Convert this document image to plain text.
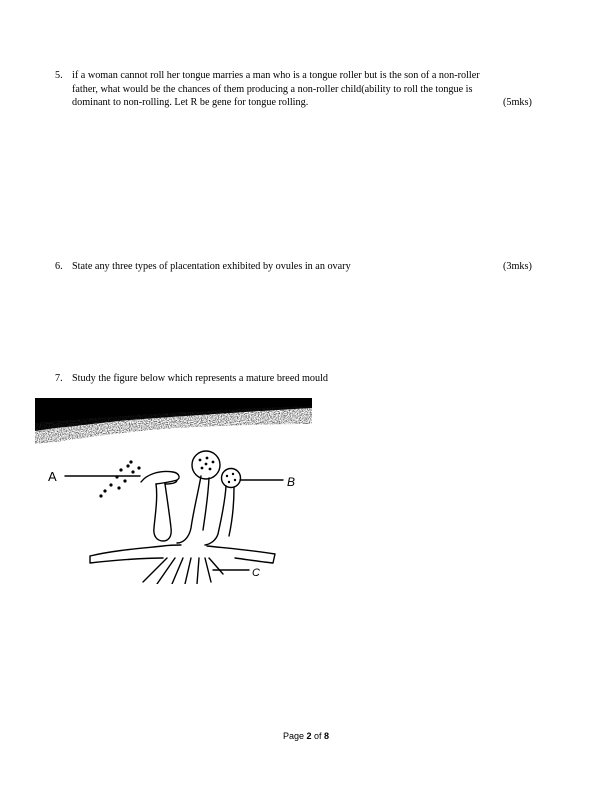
5. if a woman cannot roll her tongue marries a man who is a tongue roller but is the son of a non-roller
father, what would be the chances of them producing a non-roller child(ability to roll the tongue is
dominant to non-rolling. Let R be gene for tongue rolling.	(5mks)
6. State any three types of placentation exhibited by ovules in an ovary	(3mks)
7. Study the figure below which represents a mature breed mould
A	B
C
Page 2 of 8
